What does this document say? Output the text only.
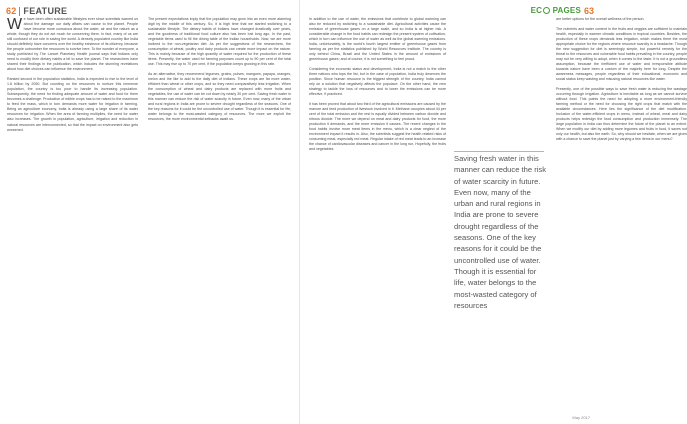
62 FEATURE

We have been often sustainable lifestyles ever since scientists warned us about the damage our daily affairs can cause to the planet. People have become more conscious about the water, air and the nature as a whole, though they do not act much for conserving them. In fact, many of us are still confused of our role in saving the world. A densely populated country like India should definitely have concerns over the healthy existence of its citizenry, because the people outnumber the resources to survive here. To the wonder of everyone, a study published by The Lancet Planetary Health journal says that Indians only need to modify their dietary habits a bit to save the planet. The researchers have shared their findings in the publication, which includes the stunning revelations about how diet choices can influence the environment.

Ranked second in the population statistics, India is expected to rise to the level of 1.6 billion by 2050. But counting on the resources to nurture this immense population, the country is too poor to handle its increasing population. Subsequently, the need for finding adequate amount of water and food for them becomes a challenge. Production of edible crops has to be raised to the maximum to feed the mass, which in turn demands more water for irrigation in farming. Being an agriculture economy, India is already using a large share of its water resources for irrigation. When the area of farming multiplies, the need for water also increases. The growth in population, agriculture, irrigation and reduction in natural resources are interconnected, so that the impact on environment also gets worsened.

The present expectations imply that the population may grow into an even more alarming digit by the middle of this century. So, it is high time that we started switching to a sustainable lifestyle. The dietary habits of Indians have changed drastically over years, and the goodness of traditional food culture also has been lost long ago. In the past, vegetable items used to fill the dining table of the Indian households. Now, we are more inclined to the non-vegetarian diet. As per the suggestions of the researchers, the consumption of wheat, poultry and dairy products can create more impact on the nature. This is mainly because of the high quantity of water required for the production of these items. Presently, the water used for farming purposes count up to 90 per cent of the total use. This may rise up to 70 per cent, if the population keeps growing in this rate.

As an alternative, they recommend legumes, grains, pulses, mangoes, papaya, oranges, melon and the like to add to the daily diet of Indians. These crops are far more water-efficient than wheat or other crops, and so they need comparatively less irrigation. When the consumption of wheat and dairy products are replaced with more fruits and vegetables, the use of water can be cut down by nearly 30 per cent. Saving fresh water in this manner can reduce the risk of water scarcity in future. Even now, many of the urban and rural regions in India are prone to severe drought regardless of the seasons. One of the key reasons for it could be the uncontrolled use of water. Though it is essential for life, water belongs to the most-wasted category of resources. The more we exploit the resources, the more environmental setbacks await us.

EC PAGES 63

In addition to the use of water, the emissions that contribute to global warming can also be reduced by switching to a sustainable diet. Agricultural activities cause the emission of greenhouse gases on a large scale, and so India is at higher risk. A considerable change in the food habits can redesign the present system of cultivation, which in turn can influence the use of water as well as the global warming emissions. India, unfortunately, is the world's fourth largest emitter of greenhouse gases from farming as per the statistics published by World Resources Institute. The country is only behind China, Brazil and the United States in the amount of emissions of greenhouse gases; and of course, it is not something to feel proud.

Considering the economic status and development, India is not a match to the other three nations who tops the list, but in the case of population, India truly deserves the position. Since human resource is the biggest strength of the country, India cannot rely on a solution that negatively affects the populace. On the other hand, the new strategy to tackle the loss of resources and to lower the emissions can be more effective, if practiced.

It has been proved that about two third of the agricultural emissions are caused by the manure and feed production of livestock involved in it. Methane occupies about 44 per cent of the total emission and the rest is equally divided between carbon dioxide and nitrous dioxide. The more we depend on meat and dairy products for food, the more production it demands, and the more emission it causes. The recent changes in the food habits involve more meat items in the menu, which is a clear neglect of the environment impact it results in. Also, the scientists suggest the health related risks of consuming meat, especially red meat. Regular intake of red meat leads to an increase the chance of cardiovascular diseases and cancer in the long run. Hopefully, the fruits and vegetables

are better options for the overall wellness of the person.

The nutrients and water content in the fruits and veggies are sufficient to maintain health, especially in warmer climatic conditions in tropical countries. Besides, the production of these crops demands less irrigation, which makes them the most appropriate choice for the regions where resource scarcity is a headache. Though the new suggestion for diet is seemingly simple, but powerful remedy for the threat to the resources and vulnerable food habits prevailing in the country, people may not be very willing to adopt, when it comes to the taste. It is not a groundless assumption, because the inefficient use of water and irresponsible attitude towards nature have been a custom of the majority here for long. Despite the awareness messages, people regardless of their educational, economic and social status keep wasting and misusing natural resources like water.

Presently, one of the possible ways to save fresh water is reducing the wastage occurring through irrigation. Agriculture is inevitable as long as we cannot survive without food. This points the need for adopting a more environment-friendly farming method or the need for choosing the right crops that match with the available circumstances. Here lies the significance of the diet modification. Inclusion of the water-efficient crops in menu, instead of wheat, meat and dairy products helps redesign the food consumption and production immensely. The large population in India can thus determine the future of the planet to an extent. When we modify our diet by adding more legumes and fruits in food, it saves not only our health, but also the earth. So, why should we hesitate, when we are given with a chance to save the planet just by varying a few items in our menu?

May 2017
Saving fresh water in this manner can reduce the risk of water scarcity in future. Even now, many of the urban and rural regions in India are prone to severe drought regardless of the seasons. One of the key reasons for it could be the uncontrolled use of water. Though it is essential for life, water belongs to the most-wasted category of resources
